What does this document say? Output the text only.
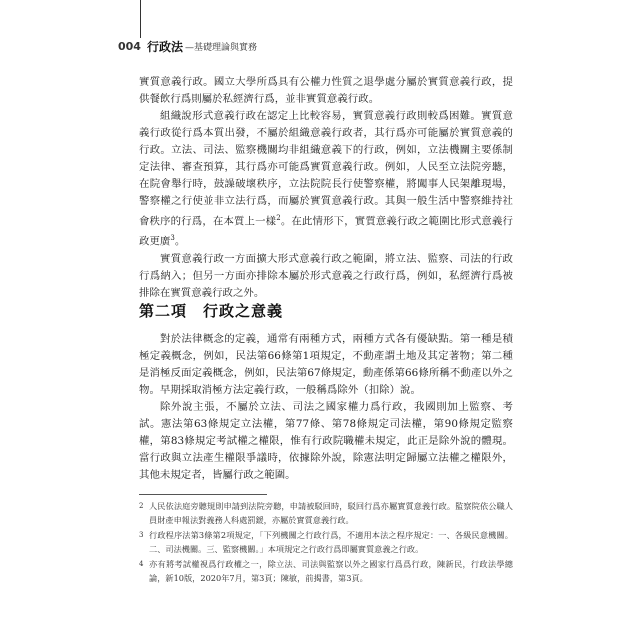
004 行政法 —基礎理論與實務

實質意義行政。國立大學所爲具有公權力性質之退學處分屬於實質意義行政，提供餐飲行爲則屬於私經濟行爲，並非實質意義行政。

組織說形式意義行政在認定上比較容易，實質意義行政則較爲困難。實質意義行政從行爲本質出發，不屬於組織意義行政者，其行爲亦可能屬於實質意義的行政。立法、司法、監察機關均非組織意義下的行政，例如，立法機關主要係制定法律、審查預算，其行爲亦可能爲實質意義行政。例如，人民至立法院旁聽，在院會舉行時，鼓譟破壞秩序，立法院院長行使警察權，將闖事人民架離現場，警察權之行使並非立法行爲，而屬於實質意義行政。其與一般生活中警察維持社會秩序的行爲，在本質上一樣$^2$。在此情形下，實質意義行政之範圍比形式意義行政更廣$^3$。

實質意義行政一方面擴大形式意義行政之範圍，將立法、監察、司法的行政行爲納入；但另一方面亦排除本屬於形式意義之行政行爲，例如，私經濟行爲被排除在實質意義行政之外。

第二項　行政之意義

對於法律概念的定義，通常有兩種方式，兩種方式各有優缺點。第一種是積極定義概念，例如，民法第66條第1項規定，不動產謂土地及其定著物；第二種是消極反面定義概念，例如，民法第67條規定，動產係第66條所稱不動產以外之物。早期採取消極方法定義行政，一般稱爲除外（扣除）說。

除外說主張，不屬於立法、司法之國家權力爲行政，我國則加上監察、考試。憲法第63條規定立法權，第77條、第78條規定司法權，第90條規定監察權，第83條規定考試權之權限，惟有行政院職權未規定，此正是除外說的體現。當行政與立法產生權限爭議時，依據除外說，除憲法明定歸屬立法權之權限外，其他未規定者，皆屬行政之範圍。

2 人民依法庭旁聽規則申請到法院旁聽，申請被駁回時，駁回行爲亦屬實質意義行政。監察院依公職人員財產申報法對義務人科處罰鍰，亦屬於實質意義行政。
3 行政程序法第3條第2項規定，「下列機關之行政行爲，不適用本法之程序規定：一、各級民意機關。二、司法機關。三、監察機關。」本項規定之行政行爲即屬實質意義之行政。
4 亦有將考試權視爲行政權之一，除立法、司法與監察以外之國家行爲爲行政，陳新民，行政法學總論，新10版，2020年7月，第3頁；陳敏，前揭書，第3頁。
